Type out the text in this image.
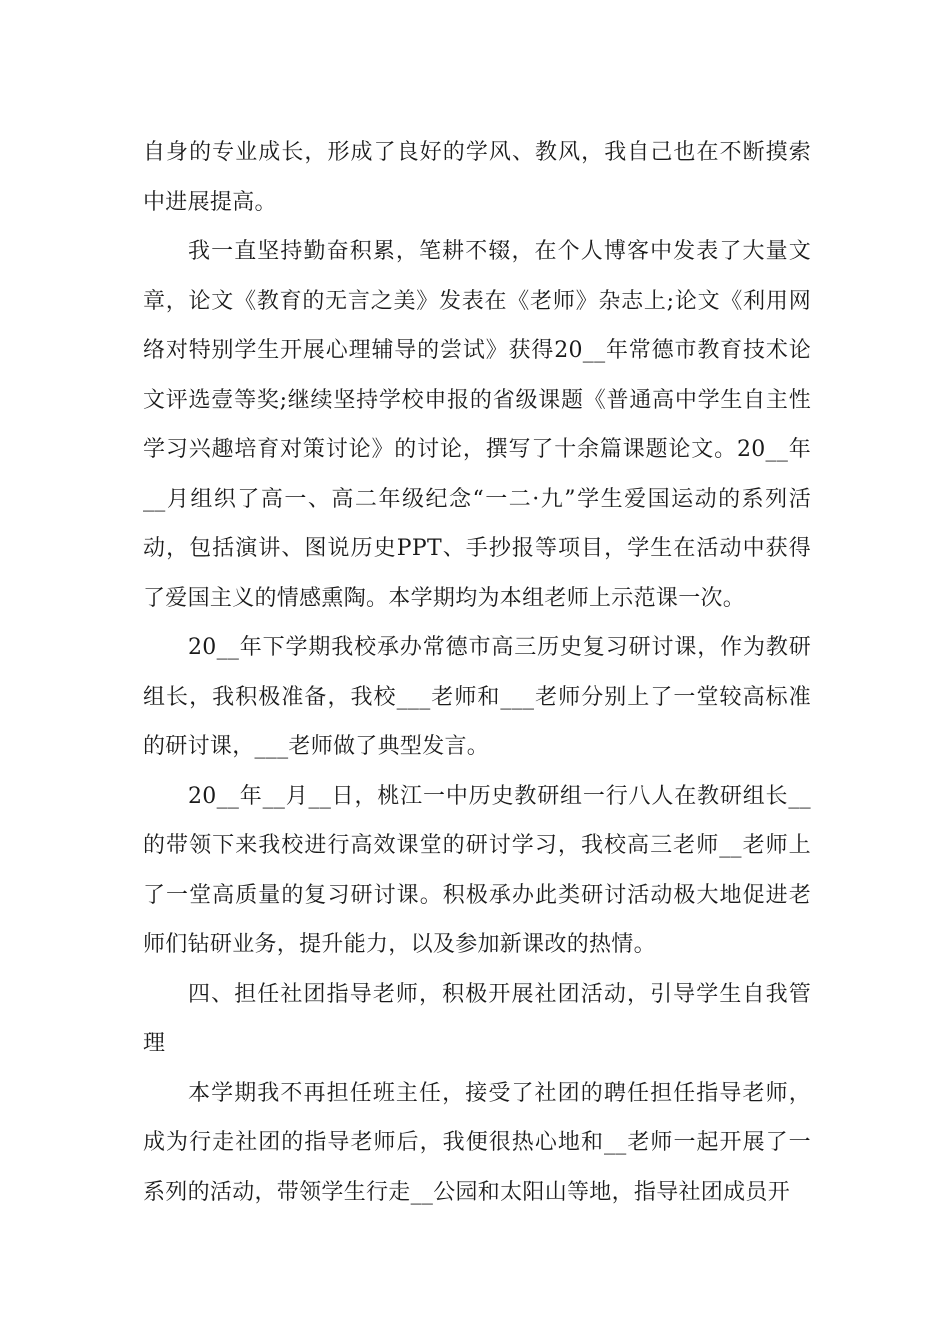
自身的专业成长，形成了良好的学风、教风，我自己也在不断摸索中进展提高。

我一直坚持勤奋积累，笔耕不辍，在个人博客中发表了大量文章，论文《教育的无言之美》发表在《老师》杂志上;论文《利用网络对特别学生开展心理辅导的尝试》获得20__年常德市教育技术论文评选壹等奖;继续坚持学校申报的省级课题《普通高中学生自主性学习兴趣培育对策讨论》的讨论，撰写了十余篇课题论文。20__年__月组织了高一、高二年级纪念“一二·九”学生爱国运动的系列活动，包括演讲、图说历史PPT、手抄报等项目，学生在活动中获得了爱国主义的情感熏陶。本学期均为本组老师上示范课一次。

20__年下学期我校承办常德市高三历史复习研讨课，作为教研组长，我积极准备，我校___老师和___老师分别上了一堂较高标准的研讨课，___老师做了典型发言。

20__年__月__日，桃江一中历史教研组一行八人在教研组长__的带领下来我校进行高效课堂的研讨学习，我校高三老师__老师上了一堂高质量的复习研讨课。积极承办此类研讨活动极大地促进老师们钻研业务，提升能力，以及参加新课改的热情。

四、担任社团指导老师，积极开展社团活动，引导学生自我管理

本学期我不再担任班主任，接受了社团的聘任担任指导老师，成为行走社团的指导老师后，我便很热心地和__老师一起开展了一系列的活动，带领学生行走__公园和太阳山等地，指导社团成员开
